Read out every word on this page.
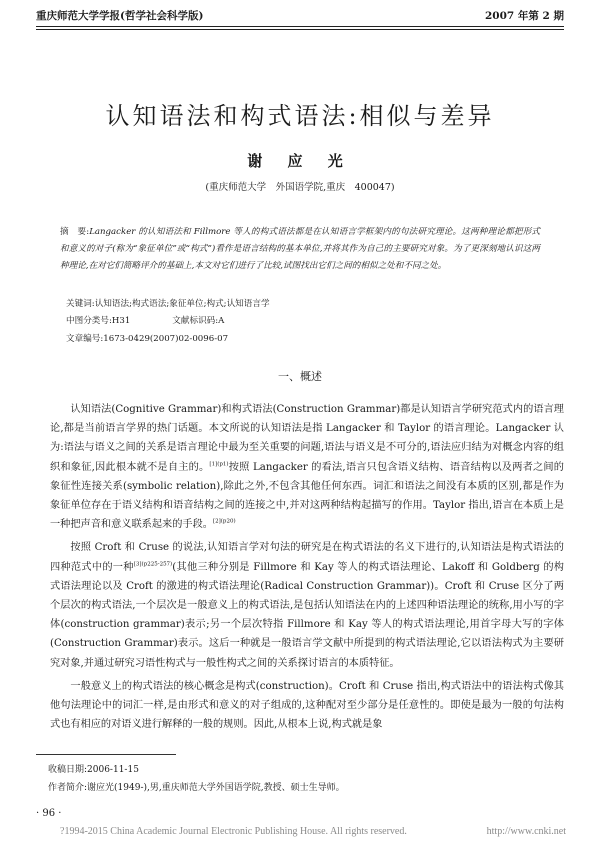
重庆师范大学学报(哲学社会科学版)	2007 年第 2 期
认知语法和构式语法:相似与差异
谢 应 光
(重庆师范大学　外国语学院,重庆　400047)
摘　要:Langacker 的认知语法和 Fillmore 等人的构式语法都是在认知语言学框架内的句法研究理论。这两种理论都把形式和意义的对子(称为“象征单位”或“构式”)看作是语言结构的基本单位,并将其作为自己的主要研究对象。为了更深刻地认识这两种理论,在对它们简略评介的基础上,本文对它们进行了比较,试图找出它们之间的相似之处和不同之处。
关键词:认知语法;构式语法;象征单位;构式;认知语言学
中图分类号:H31	文献标识码:A
文章编号:1673-0429(2007)02-0096-07
一、概述

认知语法(Cognitive Grammar)和构式语法(Construction Grammar)都是认知语言学研究范式内的语言理论,都是当前语言学界的热门话题。本文所说的认知语法是指 Langacker 和 Taylor 的语言理论。Langacker 认为:语法与语义之间的关系是语言理论中最为至关重要的问题,语法与语义是不可分的,语法应归结为对概念内容的组织和象征,因此根本就不是自主的。$^{[1](p1)}$按照 Langacker 的看法,语言只包含语义结构、语音结构以及两者之间的象征性连接关系(symbolic relation),除此之外,不包含其他任何东西。词汇和语法之间没有本质的区别,都是作为象征单位存在于语义结构和语音结构之间的连接之中,并对这两种结构起描写的作用。Taylor 指出,语言在本质上是一种把声音和意义联系起来的手段。$^{[2](p20)}$

按照 Croft 和 Cruse 的说法,认知语言学对句法的研究是在构式语法的名义下进行的,认知语法是构式语法的四种范式中的一种$^{[3](p225-257)}$(其他三种分别是 Fillmore 和 Kay 等人的构式语法理论、Lakoff 和 Goldberg 的构式语法理论以及 Croft 的激进的构式语法理论(Radical Construction Grammar))。Croft 和 Cruse 区分了两个层次的构式语法,一个层次是一般意义上的构式语法,是包括认知语法在内的上述四种语法理论的统称,用小写的字体(construction grammar)表示;另一个层次特指 Fillmore 和 Kay 等人的构式语法理论,用首字母大写的字体(Construction Grammar)表示。这后一种就是一般语言学文献中所提到的构式语法理论,它以语法构式为主要研究对象,并通过研究习语性构式与一般性构式之间的关系探讨语言的本质特征。

一般意义上的构式语法的核心概念是构式(construction)。Croft 和 Cruse 指出,构式语法中的语法构式像其他句法理论中的词汇一样,是由形式和意义的对子组成的,这种配对至少部分是任意性的。即使是最为一般的句法构式也有相应的对语义进行解释的一般的规则。因此,从根本上说,构式就是象

收稿日期:2006-11-15
作者简介:谢应光(1949-),男,重庆师范大学外国语学院,教授、硕士生导师。
· 96 ·
?1994-2015 China Academic Journal Electronic Publishing House. All rights reserved.	http://www.cnki.net
